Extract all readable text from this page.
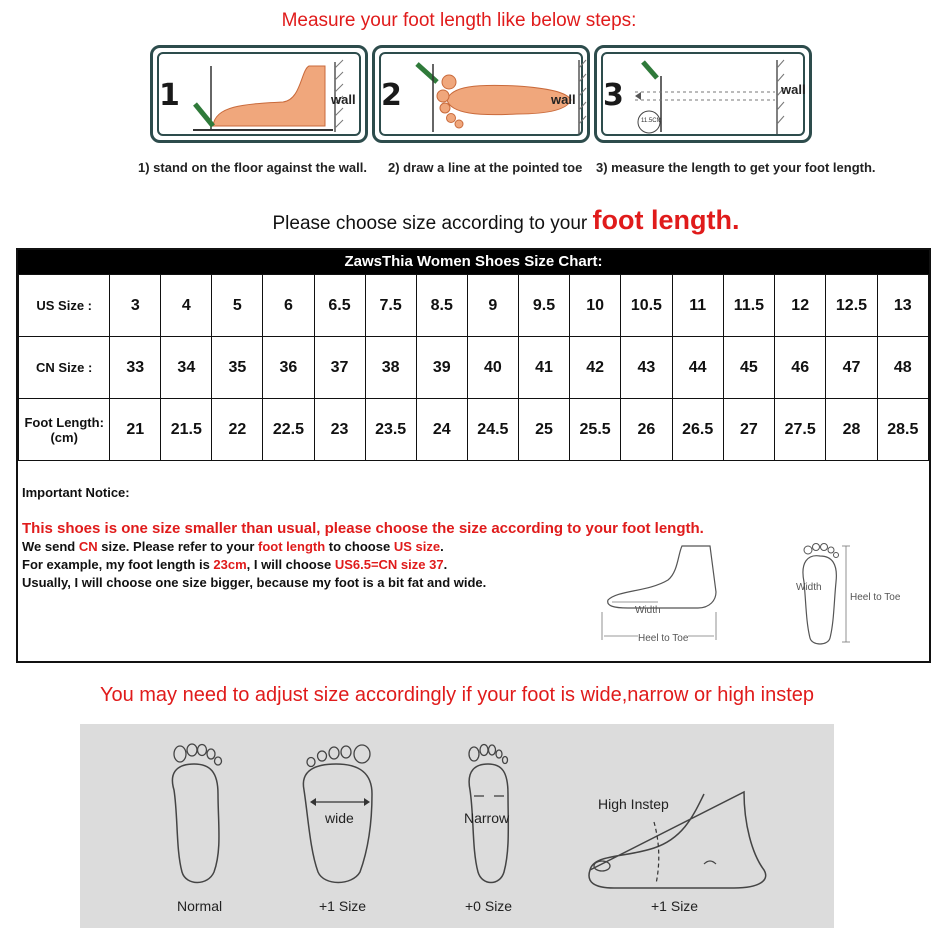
Measure your foot length like below steps:
1	wall 2	wall 3
11.5CM
wall
1) stand on the floor against the wall. 2) draw a line at the pointed toe 3) measure the length to get your foot length.
Please choose size according to your foot length.
ZawsThia Women Shoes Size Chart:
US Size :	3	4	5	6	6.5	7.5	8.5	9	9.5	10	10.5	11	11.5	12	12.5	13
CN Size :	33	34	35	36	37	38	39	40	41	42	43	44	45	46	47	48
Foot Length:
(cm)	21	21.5	22	22.5	23	23.5	24	24.5	25	25.5	26	26.5	27	27.5	28	28.5
Important Notice:
This shoes is one size smaller than usual, please choose the size according to your foot length.
We send CN size. Please refer to your foot length to choose US size.
For example, my foot length is 23cm, I will choose US6.5=CN size 37.
Usually, I will choose one size bigger, because my foot is a bit fat and wide.
Width
Heel to Toe
Width
Heel to Toe
You may need to adjust size accordingly if your foot is wide,narrow or high instep
Normal
wide
+1 Size
Narrow
+0 Size
High Instep
+1 Size
